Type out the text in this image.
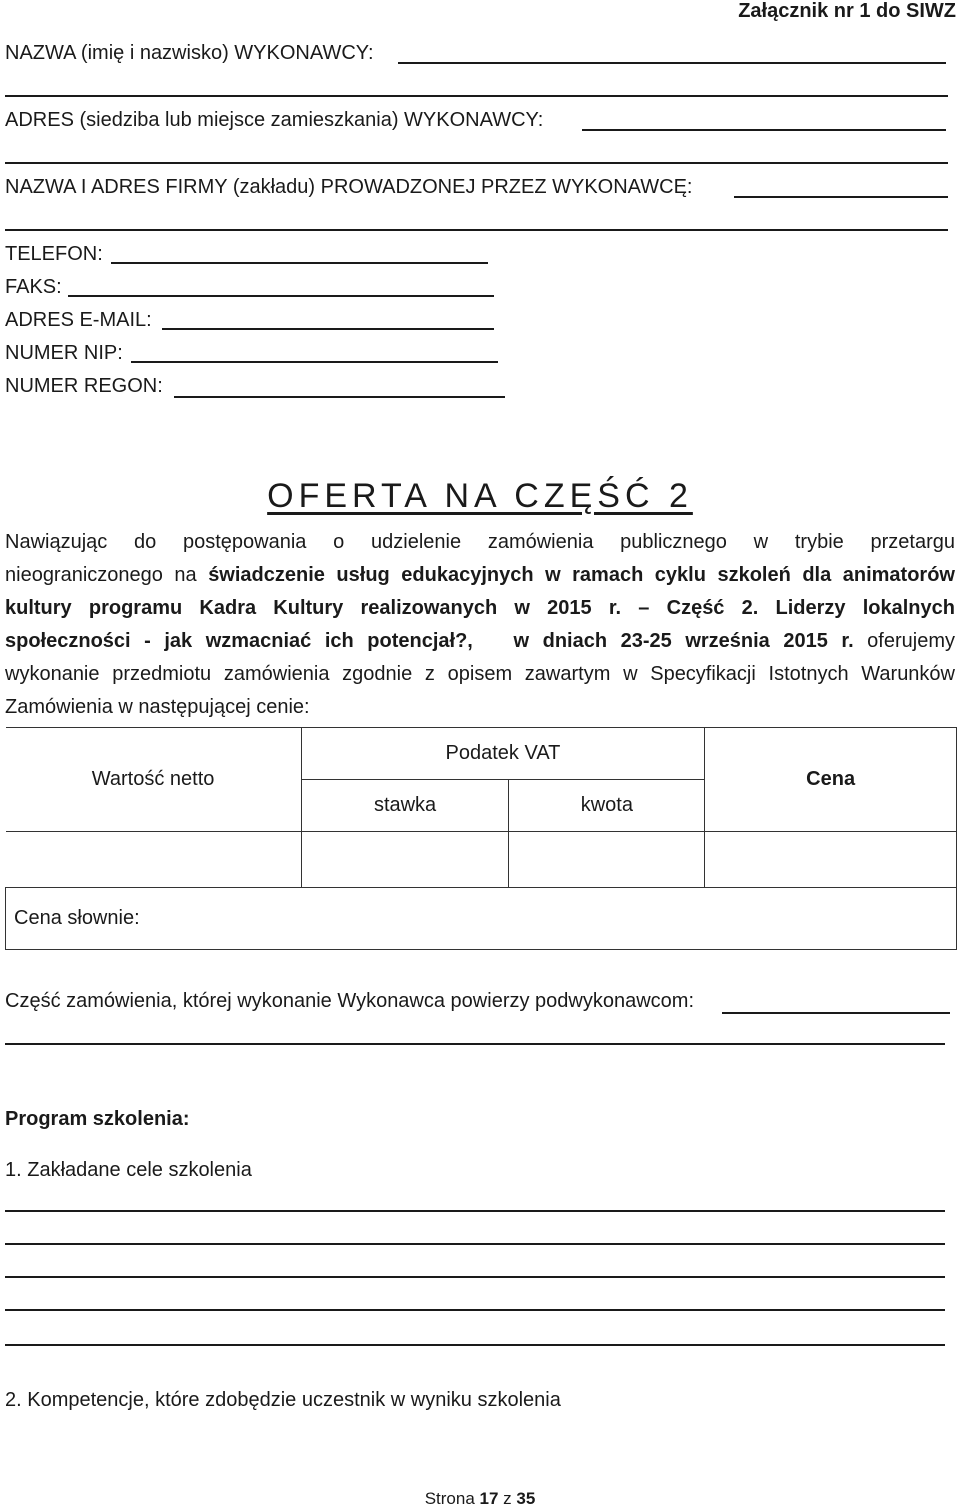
Załącznik nr 1 do SIWZ
NAZWA (imię i nazwisko) WYKONAWCY:
ADRES (siedziba lub miejsce zamieszkania) WYKONAWCY:
NAZWA I ADRES FIRMY (zakładu) PROWADZONEJ PRZEZ WYKONAWCĘ:
TELEFON:
FAKS:
ADRES E-MAIL:
NUMER NIP:
NUMER REGON:
OFERTA NA CZĘŚĆ 2
Nawiązując do postępowania o udzielenie zamówienia publicznego w trybie przetargu
nieograniczonego na świadczenie usług edukacyjnych w ramach cyklu szkoleń dla animatorów
kultury programu Kadra Kultury realizowanych w 2015 r. – Część 2. Liderzy lokalnych
społeczności - jak wzmacniać ich potencjał?,   w dniach 23-25 września 2015 r. oferujemy
wykonanie przedmiotu zamówienia zgodnie z opisem zawartym w Specyfikacji Istotnych Warunków
Zamówienia w następującej cenie:
Wartość netto	Podatek VAT		Cena
	stawka	kwota	

Cena słownie:			
Część zamówienia, której wykonanie Wykonawca powierzy podwykonawcom:
Program szkolenia:
1. Zakładane cele szkolenia
2. Kompetencje, które zdobędzie uczestnik w wyniku szkolenia
Strona 17 z 35
